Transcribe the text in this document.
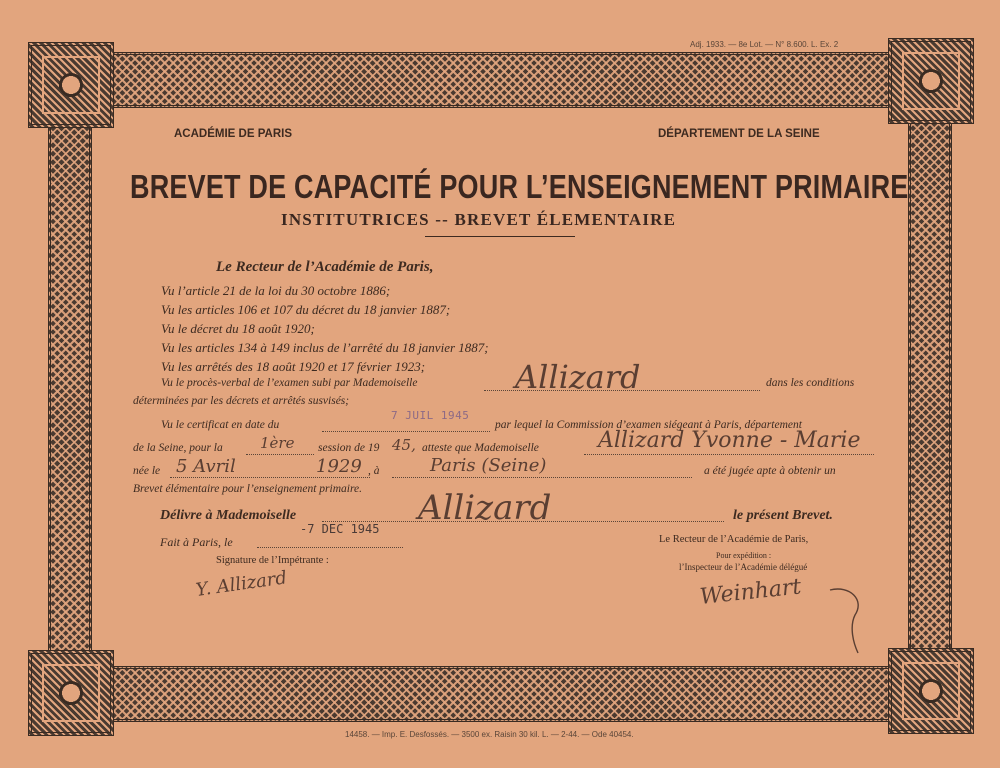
Adj. 1933. — 8e Lot. — N° 8.600. L. Ex. 2
ACADÉMIE DE PARIS	DÉPARTEMENT DE LA SEINE
BREVET DE CAPACITÉ POUR L’ENSEIGNEMENT PRIMAIRE
INSTITUTRICES -- BREVET ÉLEMENTAIRE
Le Recteur de l’Académie de Paris,
Vu l’article 21 de la loi du 30 octobre 1886;
Vu les articles 106 et 107 du décret du 18 janvier 1887;
Vu le décret du 18 août 1920;
Vu les articles 134 à 149 inclus de l’arrêté du 18 janvier 1887;
Vu les arrêtés des 18 août 1920 et 17 février 1923;
Vu le procès-verbal de l’examen subi par Mademoiselle	Allizard	dans les conditions
déterminées par les décrets et arrêtés susvisés;
Vu le certificat en date du
7 JUIL 1945
par lequel la Commission d’examen siégeant à Paris, département
de la Seine, pour la 1ère session de 19 45, atteste que Mademoiselle	Allizard Yvonne - Marie
née le 5 Avril	1929 , à	Paris (Seine)	a été jugée apte à obtenir un
Brevet élémentaire pour l’enseignement primaire.
Délivre à Mademoiselle	Allizard	le présent Brevet.
Fait à Paris, le
-7 DEC 1945
Le Recteur de l’Académie de Paris,
Pour expédition :
l’Inspecteur de l’Académie délégué
Signature de l’Impétrante :
Y. Allizard	Weinhart
14458. — Imp. E. Desfossés. — 3500 ex. Raisin 30 kil. L. — 2-44. — Ode 40454.
